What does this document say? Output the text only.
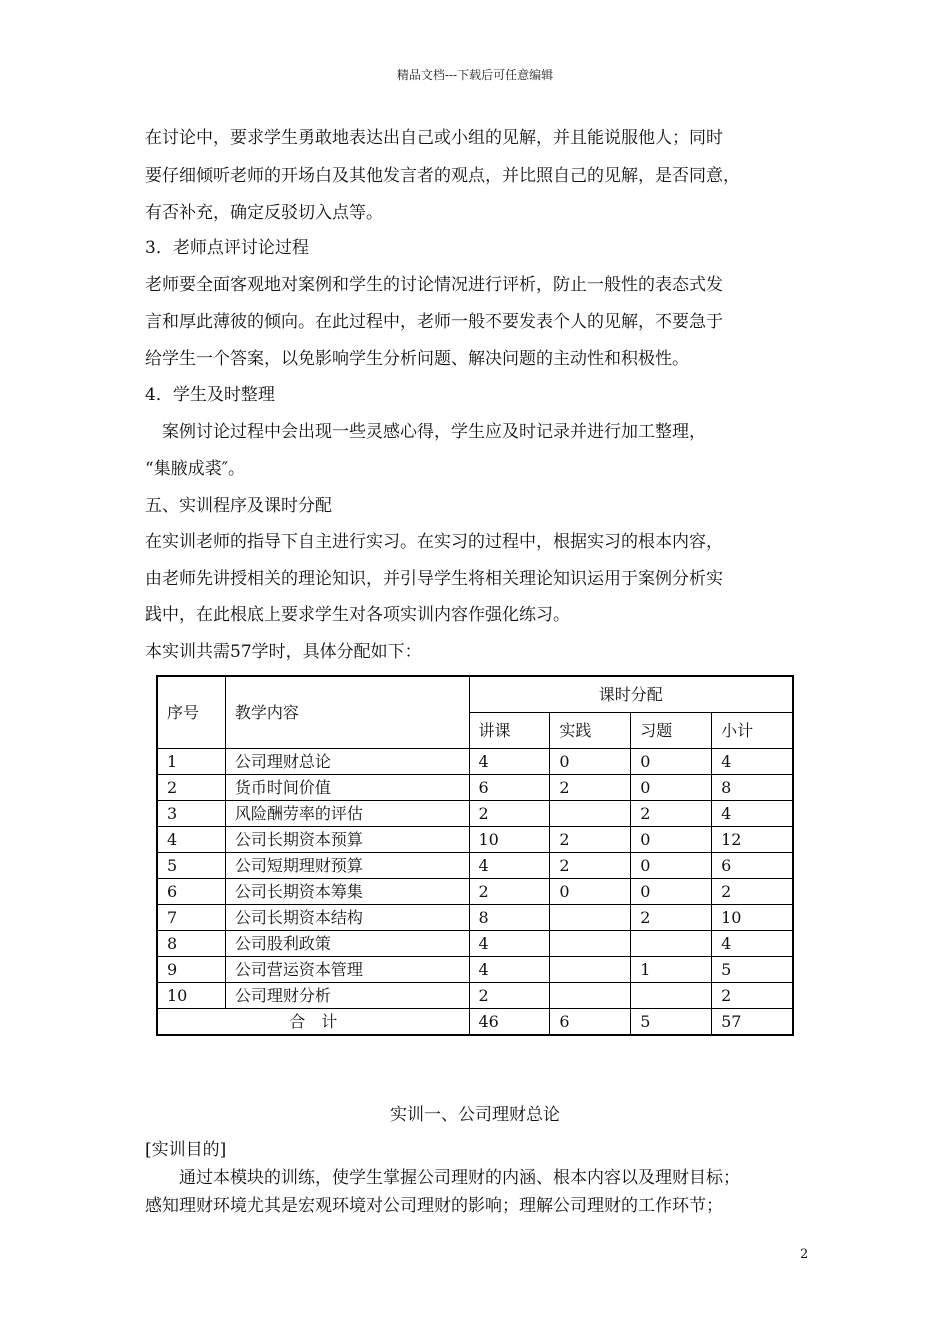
精品文档---下载后可任意编辑

在讨论中，要求学生勇敢地表达出自己或小组的见解，并且能说服他人；同时

要仔细倾听老师的开场白及其他发言者的观点，并比照自己的见解，是否同意，

有否补充，确定反驳切入点等。

3．老师点评讨论过程

老师要全面客观地对案例和学生的讨论情况进行评析，防止一般性的表态式发

言和厚此薄彼的倾向。在此过程中，老师一般不要发表个人的见解，不要急于

给学生一个答案，以免影响学生分析问题、解决问题的主动性和积极性。

4．学生及时整理

　案例讨论过程中会出现一些灵感心得，学生应及时记录并进行加工整理，

“集腋成裘″。

五、实训程序及课时分配

在实训老师的指导下自主进行实习。在实习的过程中，根据实习的根本内容，

由老师先讲授相关的理论知识，并引导学生将相关理论知识运用于案例分析实

践中，在此根底上要求学生对各项实训内容作强化练习。

本实训共需57学时，具体分配如下：

序号	教学内容	课时分配			
		讲课	实践	习题	小计
1	公司理财总论	4	0	0	4
2	货币时间价值	6	2	0	8
3	风险酬劳率的评估	2		2	4
4	公司长期资本预算	10	2	0	12
5	公司短期理财预算	4	2	0	6
6	公司长期资本筹集	2	0	0	2
7	公司长期资本结构	8		2	10
8	公司股利政策	4			4
9	公司营运资本管理	4		1	5
10	公司理财分析	2			2
合　计		46	6	5	57
实训一、公司理财总论

[实训目的]

　　通过本模块的训练，使学生掌握公司理财的内涵、根本内容以及理财目标；

感知理财环境尤其是宏观环境对公司理财的影响；理解公司理财的工作环节；

2
